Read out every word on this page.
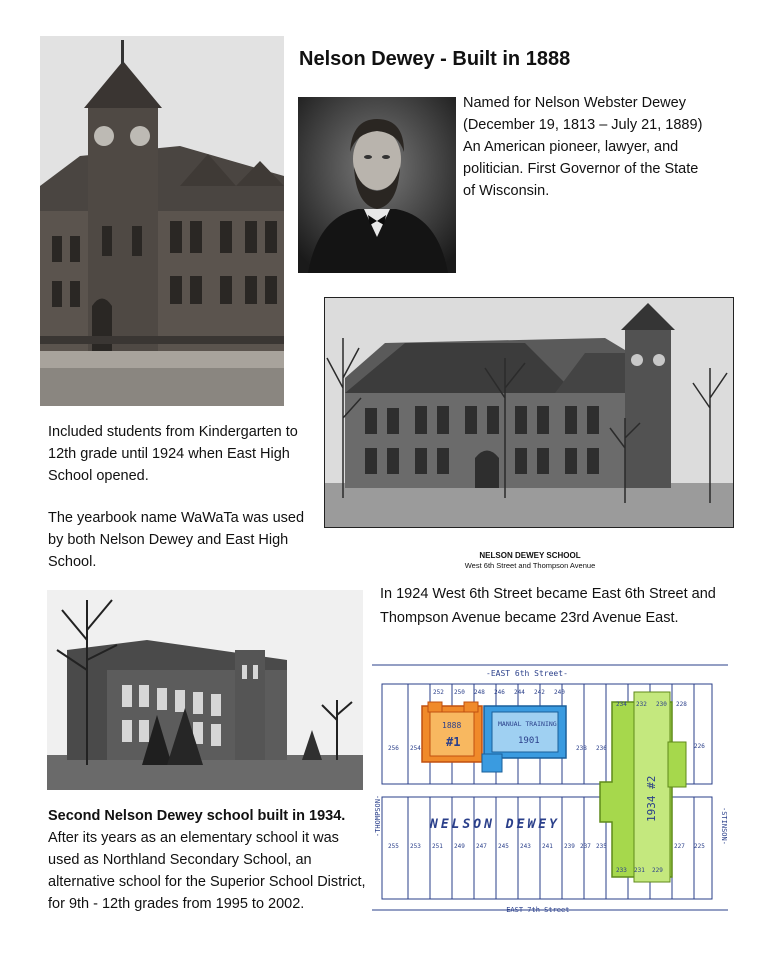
Nelson Dewey - Built in 1888

Named for Nelson Webster Dewey

(December 19, 1813 – July 21, 1889)

An American pioneer, lawyer, and

politician. First Governor of the State

of Wisconsin.

NELSON DEWEY SCHOOL
West 6th Street and Thompson Avenue

Included students from Kindergarten to

12th grade until 1924 when East High

School opened.

The yearbook name WaWaTa was used

by both Nelson Dewey and East High

School.

In 1924 West 6th Street became East 6th Street and

Thompson Avenue became 23rd Avenue East.

Second Nelson Dewey school built in 1934.

After its years as an elementary school it was

used as Northland Secondary School, an

alternative school for the Superior School District,

for 9th - 12th grades from 1995 to 2002.

1888
#1
MANUAL TRAINING
1901
1934 #2
NELSON DEWEY
-EAST 6th Street-
-EAST 7th Street-
-THOMPSON-	-STINSON-
252 250 248 246 244 242 240
234 232 230 228
256 254	238 236	226
255 253 251 249 247 245 243 241 239 237 235	227 225
233 231 229
